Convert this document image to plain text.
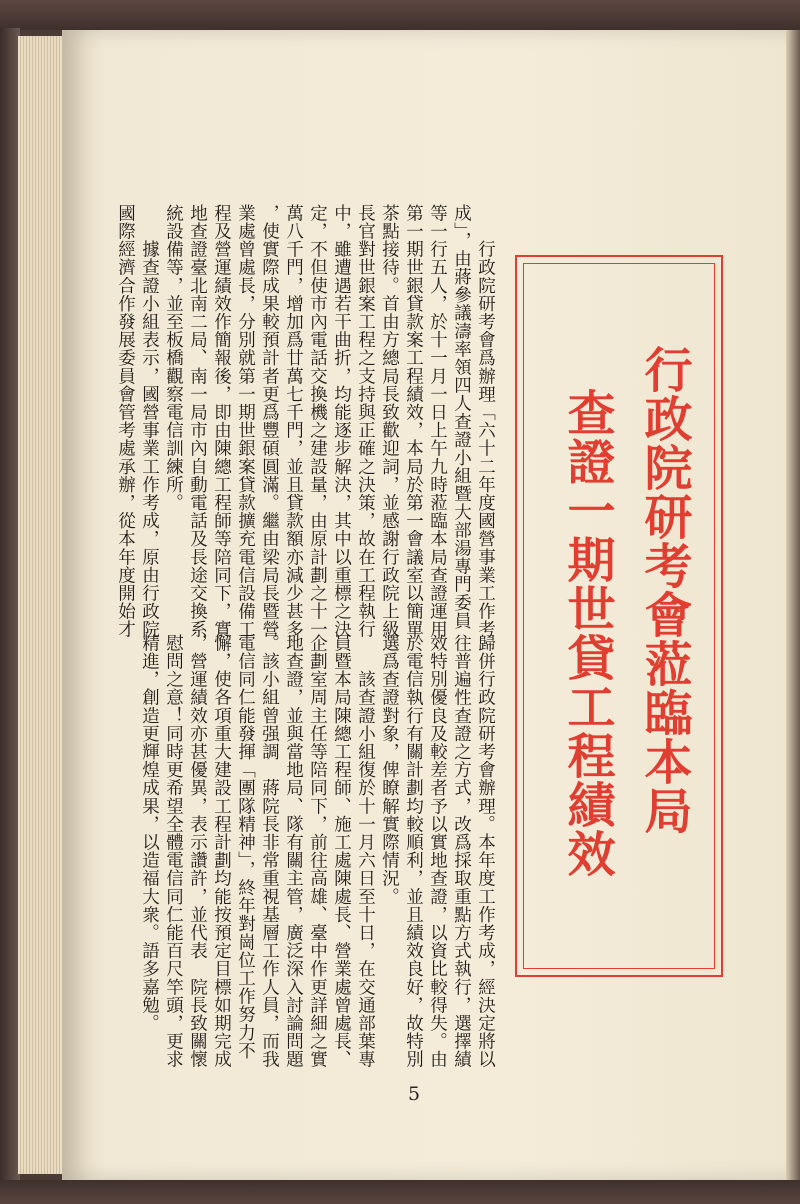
行政院研考會蒞臨本局
查證一期世貸工程績效
　　行政院研考會爲辦理「六十二年度國營事業工作考
成」，由蔣參議濤率領四人查證小組暨大部湯專門委員
等一行五人，於十一月一日上午九時蒞臨本局查證運用
第一期世銀貸款案工程績效，本局於第一會議室以簡單
茶點接待。首由方總局長致歡迎詞，並感謝行政院上級
長官對世銀案工程之支持與正確之決策，故在工程執行
中，雖遭遇若干曲折，均能逐步解決，其中以重標之決
定，不但使市內電話交換機之建設量，由原計劃之十一
萬八千門，增加爲廿萬七千門，並且貸款額亦減少甚多
，使實際成果較預計者更爲豐碩圓滿。繼由梁局長暨營
業處曾處長，分別就第一期世銀案貸款擴充電信設備工
程及營運績效作簡報後，即由陳總工程師等陪同下，實
地查證臺北南二局、南一局市內自動電話及長途交換系
統設備等，並至板橋觀察電信訓練所。
　　據查證小組表示，國營事業工作考成，原由行政院
國際經濟合作發展委員會管考處承辦，從本年度開始才
歸併行政院研考會辦理。本年度工作考成，經決定將以
往普遍性查證之方式，改爲採取重點方式執行，選擇績
效特別優良及較差者予以實地查證，以資比較得失。由
於電信執行有關計劃均較順利，並且績效良好，故特別
選爲查證對象，俾瞭解實際情況。
　　該查證小組復於十一月六日至十日，在交通部葉專
員暨本局陳總工程師、施工處陳處長、營業處曾處長、
企劃室周主任等陪同下，前往高雄、臺中作更詳細之實
地查證，並與當地局、隊有關主管，廣泛深入討論問題
。該小組曾强調　蔣院長非常重視基層工作人員，而我
電信同仁能發揮「團隊精神」，終年對崗位工作努力不
懈，使各項重大建設工程計劃均能按預定目標如期完成
，營運績效亦甚優異，表示讚許，並代表　院長致關懷
慰問之意！同時更希望全體電信同仁能百尺竿頭，更求
精進，創造更輝煌成果，以造福大衆。語多嘉勉。
5
